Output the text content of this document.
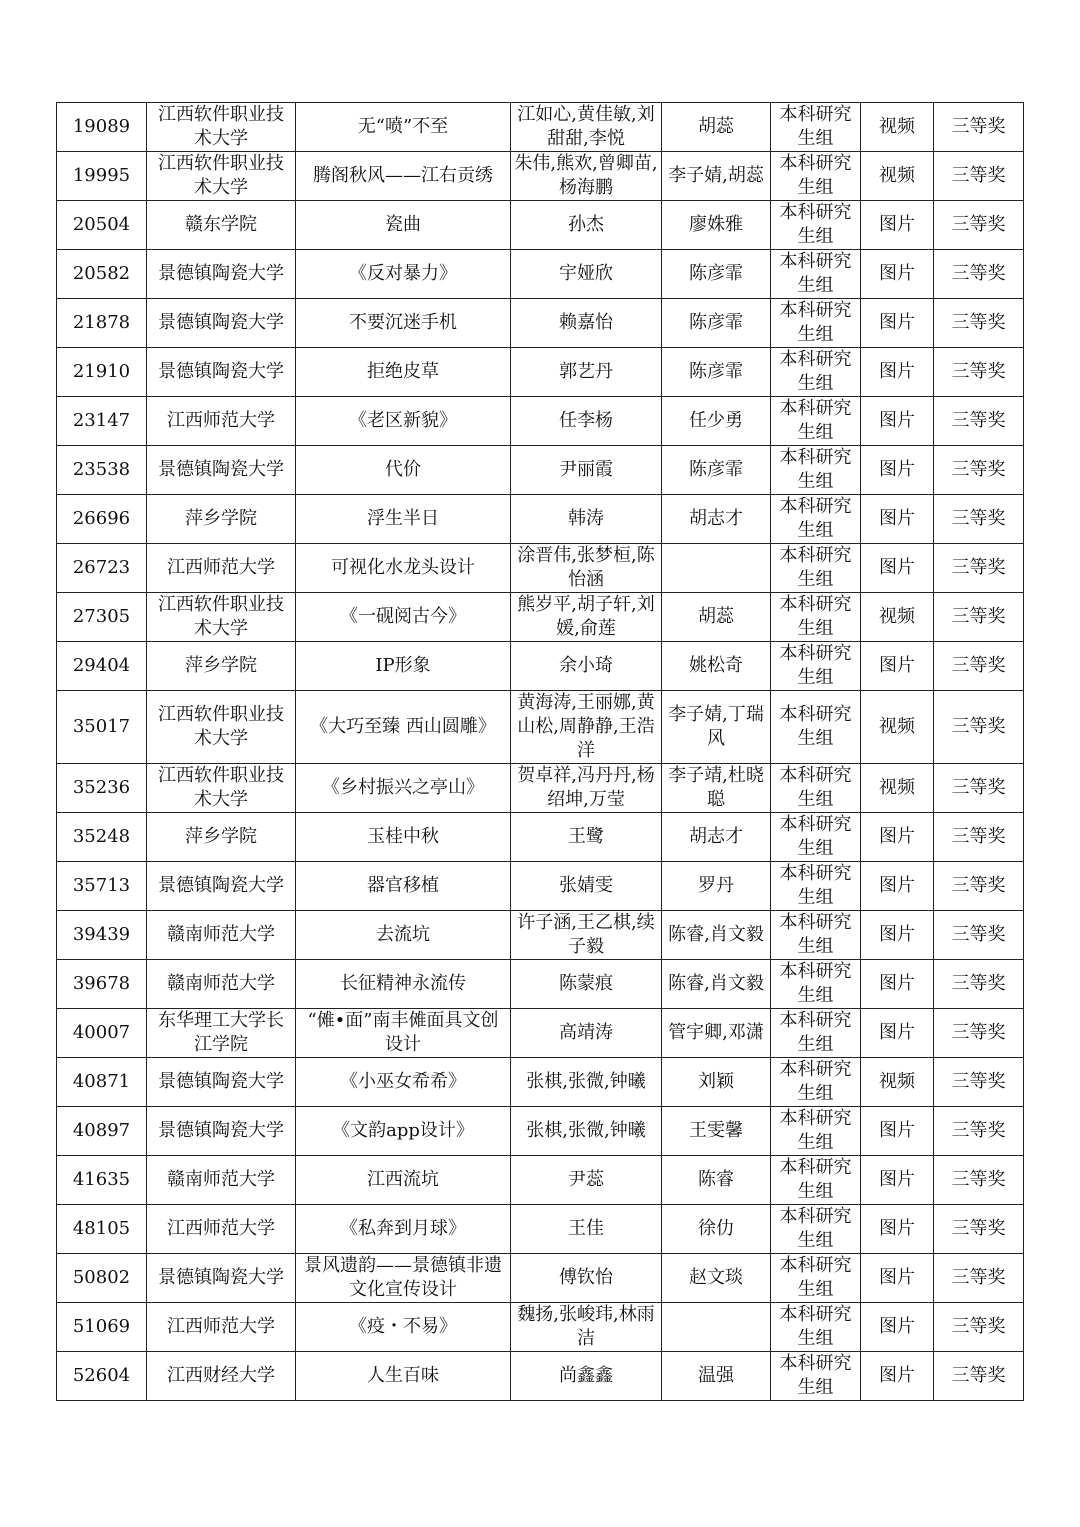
19089	江西软件职业技术大学	无“喷”不至	江如心,黄佳敏,刘甜甜,李悦	胡蕊	本科研究生组	视频	三等奖
19995	江西软件职业技术大学	腾阁秋风——江右贡绣	朱伟,熊欢,曾卿苗,杨海鹏	李子婧,胡蕊	本科研究生组	视频	三等奖
20504	赣东学院	瓷曲	孙杰	廖姝雅	本科研究生组	图片	三等奖
20582	景德镇陶瓷大学	《反对暴力》	宇娅欣	陈彦霏	本科研究生组	图片	三等奖
21878	景德镇陶瓷大学	不要沉迷手机	赖嘉怡	陈彦霏	本科研究生组	图片	三等奖
21910	景德镇陶瓷大学	拒绝皮草	郭艺丹	陈彦霏	本科研究生组	图片	三等奖
23147	江西师范大学	《老区新貌》	任李杨	任少勇	本科研究生组	图片	三等奖
23538	景德镇陶瓷大学	代价	尹丽霞	陈彦霏	本科研究生组	图片	三等奖
26696	萍乡学院	浮生半日	韩涛	胡志才	本科研究生组	图片	三等奖
26723	江西师范大学	可视化水龙头设计	涂晋伟,张梦桓,陈怡涵		本科研究生组	图片	三等奖
27305	江西软件职业技术大学	《一砚阅古今》	熊岁平,胡子轩,刘媛,俞莲	胡蕊	本科研究生组	视频	三等奖
29404	萍乡学院	IP形象	余小琦	姚松奇	本科研究生组	图片	三等奖
35017	江西软件职业技术大学	《大巧至臻 西山圆雕》	黄海涛,王丽娜,黄山松,周静静,王浩洋	李子婧,丁瑞风	本科研究生组	视频	三等奖
35236	江西软件职业技术大学	《乡村振兴之亭山》	贺卓祥,冯丹丹,杨绍坤,万莹	李子靖,杜晓聪	本科研究生组	视频	三等奖
35248	萍乡学院	玉桂中秋	王鹭	胡志才	本科研究生组	图片	三等奖
35713	景德镇陶瓷大学	器官移植	张婧雯	罗丹	本科研究生组	图片	三等奖
39439	赣南师范大学	去流坑	许子涵,王乙棋,续子毅	陈睿,肖文毅	本科研究生组	图片	三等奖
39678	赣南师范大学	长征精神永流传	陈蒙痕	陈睿,肖文毅	本科研究生组	图片	三等奖
40007	东华理工大学长江学院	“傩•面”南丰傩面具文创设计	高靖涛	管宇卿,邓潇	本科研究生组	图片	三等奖
40871	景德镇陶瓷大学	《小巫女希希》	张棋,张微,钟曦	刘颖	本科研究生组	视频	三等奖
40897	景德镇陶瓷大学	《文韵app设计》	张棋,张微,钟曦	王雯馨	本科研究生组	图片	三等奖
41635	赣南师范大学	江西流坑	尹蕊	陈睿	本科研究生组	图片	三等奖
48105	江西师范大学	《私奔到月球》	王佳	徐仂	本科研究生组	图片	三等奖
50802	景德镇陶瓷大学	景风遗韵——景德镇非遗文化宣传设计	傅钦怡	赵文琰	本科研究生组	图片	三等奖
51069	江西师范大学	《疫・不易》	魏扬,张峻玮,林雨洁		本科研究生组	图片	三等奖
52604	江西财经大学	人生百味	尚鑫鑫	温强	本科研究生组	图片	三等奖
